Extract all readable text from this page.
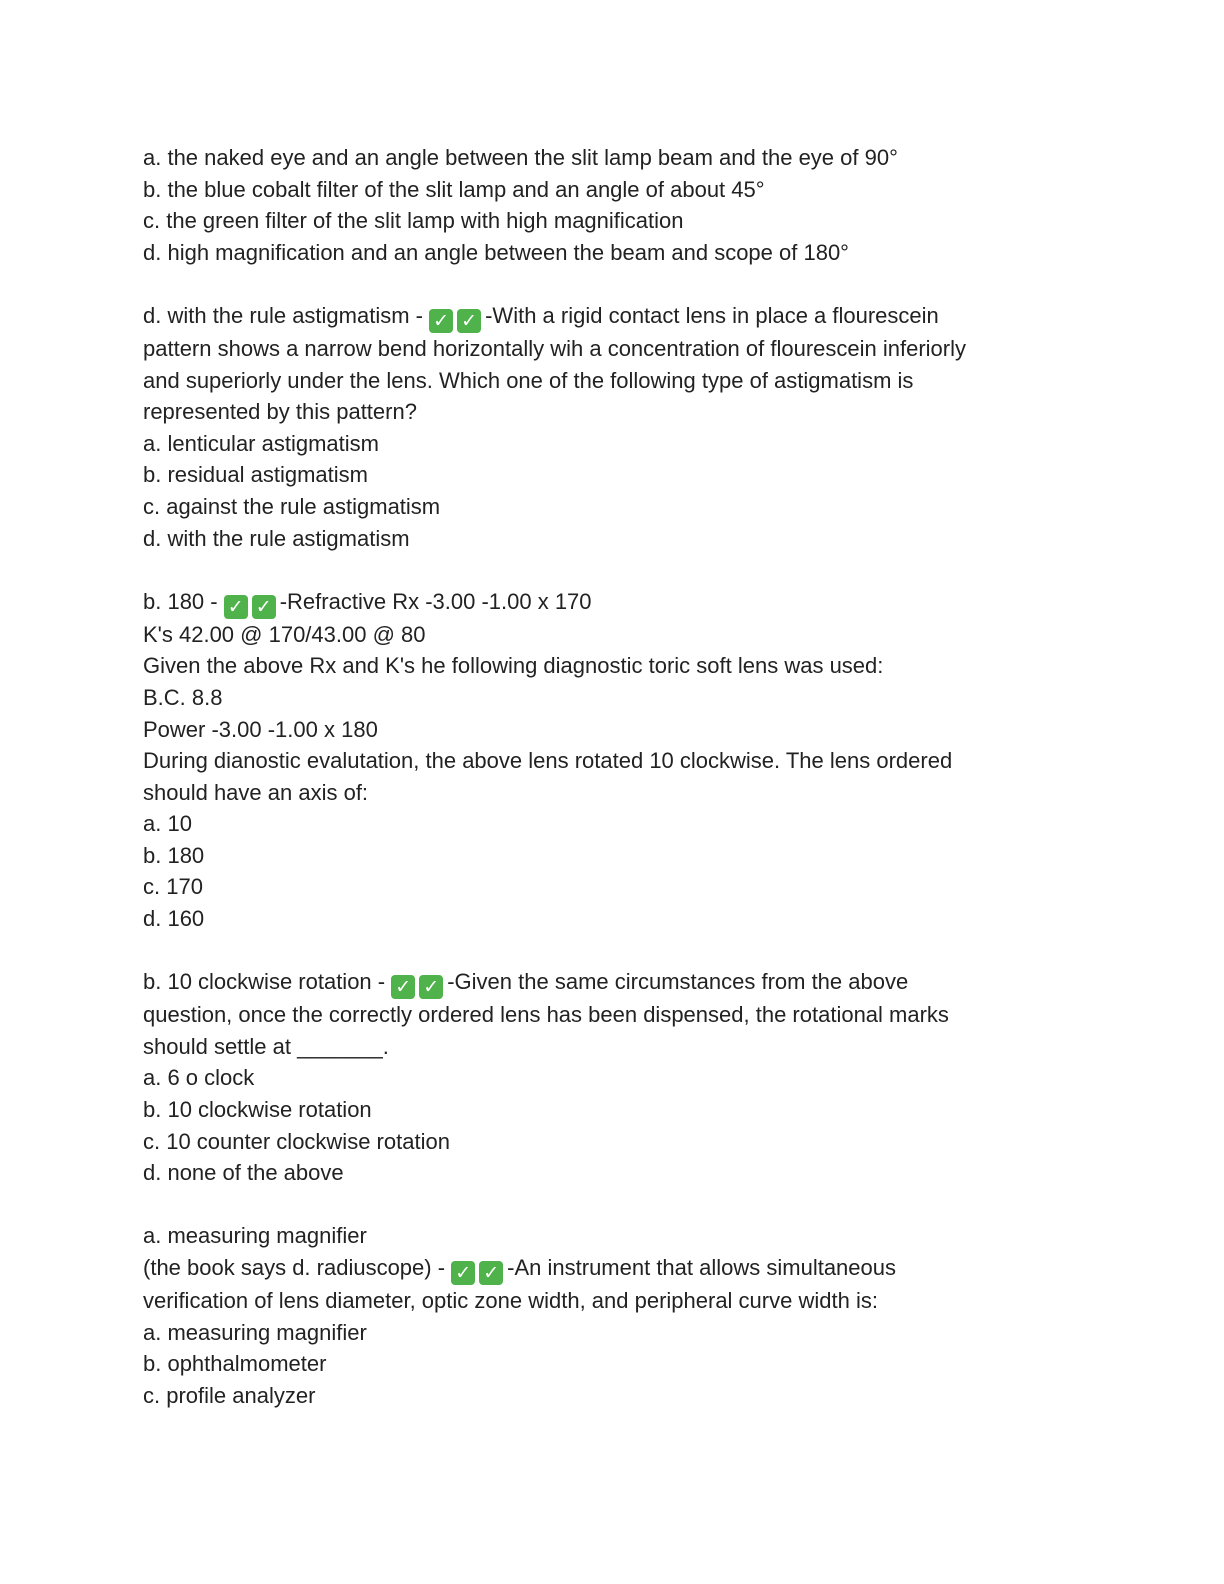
a. the naked eye and an angle between the slit lamp beam and the eye of 90°
b. the blue cobalt filter of the slit lamp and an angle of about 45°
c. the green filter of the slit lamp with high magnification
d. high magnification and an angle between the beam and scope of 180°
d. with the rule astigmatism - ✓ ✓ -With a rigid contact lens in place a flourescein
pattern shows a narrow bend horizontally wih a concentration of flourescein inferiorly
and superiorly under the lens. Which one of the following type of astigmatism is
represented by this pattern?
a. lenticular astigmatism
b. residual astigmatism
c. against the rule astigmatism
d. with the rule astigmatism
b. 180 - ✓ ✓ -Refractive Rx -3.00 -1.00 x 170
K's 42.00 @ 170/43.00 @ 80
Given the above Rx and K's he following diagnostic toric soft lens was used:
B.C. 8.8
Power -3.00 -1.00 x 180
During dianostic evalutation, the above lens rotated 10 clockwise. The lens ordered
should have an axis of:
a. 10
b. 180
c. 170
d. 160
b. 10 clockwise rotation - ✓ ✓ -Given the same circumstances from the above
question, once the correctly ordered lens has been dispensed, the rotational marks
should settle at _______.
a. 6 o clock
b. 10 clockwise rotation
c. 10 counter clockwise rotation
d. none of the above
a. measuring magnifier
(the book says d. radiuscope) - ✓ ✓ -An instrument that allows simultaneous
verification of lens diameter, optic zone width, and peripheral curve width is:
a. measuring magnifier
b. ophthalmometer
c. profile analyzer
